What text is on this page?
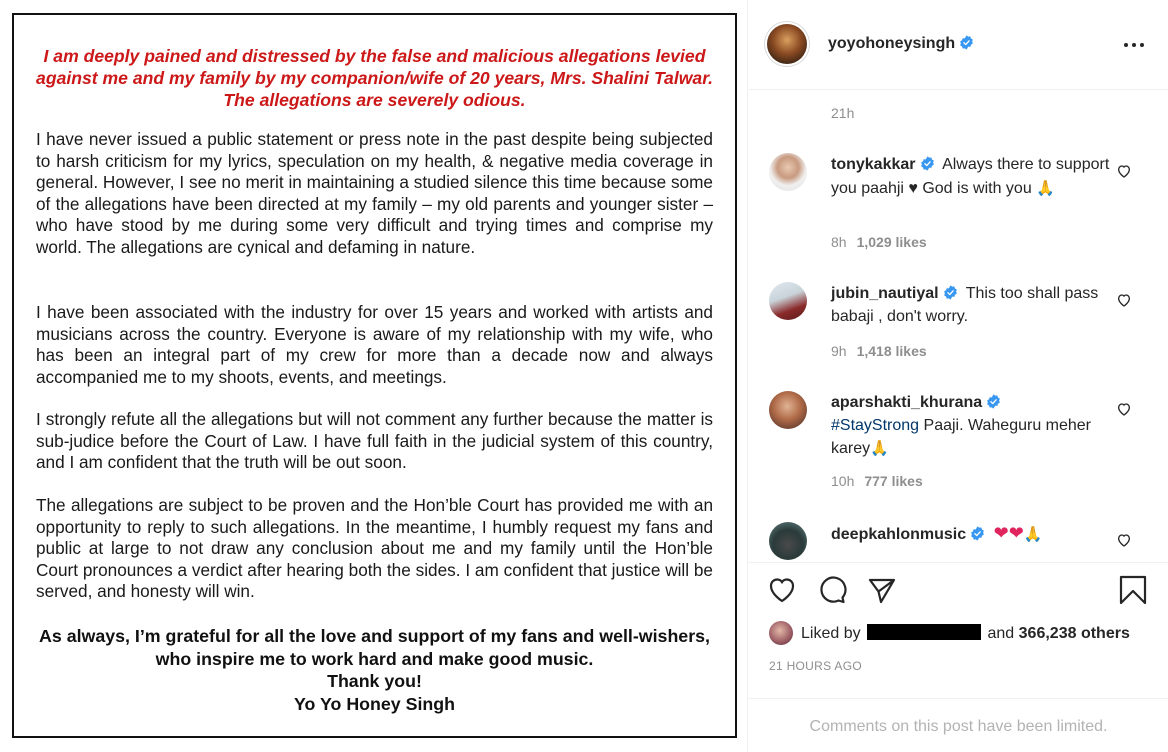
I am deeply pained and distressed by the false and malicious allegations levied against me and my family by my companion/wife of 20 years, Mrs. Shalini Talwar. The allegations are severely odious.
I have never issued a public statement or press note in the past despite being subjected to harsh criticism for my lyrics, speculation on my health, & negative media coverage in general. However, I see no merit in maintaining a studied silence this time because some of the allegations have been directed at my family – my old parents and younger sister – who have stood by me during some very difficult and trying times and comprise my world. The allegations are cynical and defaming in nature.
I have been associated with the industry for over 15 years and worked with artists and musicians across the country. Everyone is aware of my relationship with my wife, who has been an integral part of my crew for more than a decade now and always accompanied me to my shoots, events, and meetings.
I strongly refute all the allegations but will not comment any further because the matter is sub-judice before the Court of Law. I have full faith in the judicial system of this country, and I am confident that the truth will be out soon.
The allegations are subject to be proven and the Hon’ble Court has provided me with an opportunity to reply to such allegations. In the meantime, I humbly request my fans and public at large to not draw any conclusion about me and my family until the Hon’ble Court pronounces a verdict after hearing both the sides. I am confident that justice will be served, and honesty will win.
As always, I’m grateful for all the love and support of my fans and well-wishers, who inspire me to work hard and make good music.
Thank you!
Yo Yo Honey Singh
yoyohoneysingh
21h
tonykakkar Always there to support you paahji ♥ God is with you 🙏
8h 1,029 likes
jubin_nautiyal This too shall pass babaji , don't worry.
9h 1,418 likes
aparshakti_khurana
#StayStrong Paaji. Waheguru meher karey🙏
10h 777 likes
deepkahlonmusic ❤❤🙏
Liked by	and 366,238 others
21 HOURS AGO
Comments on this post have been limited.
